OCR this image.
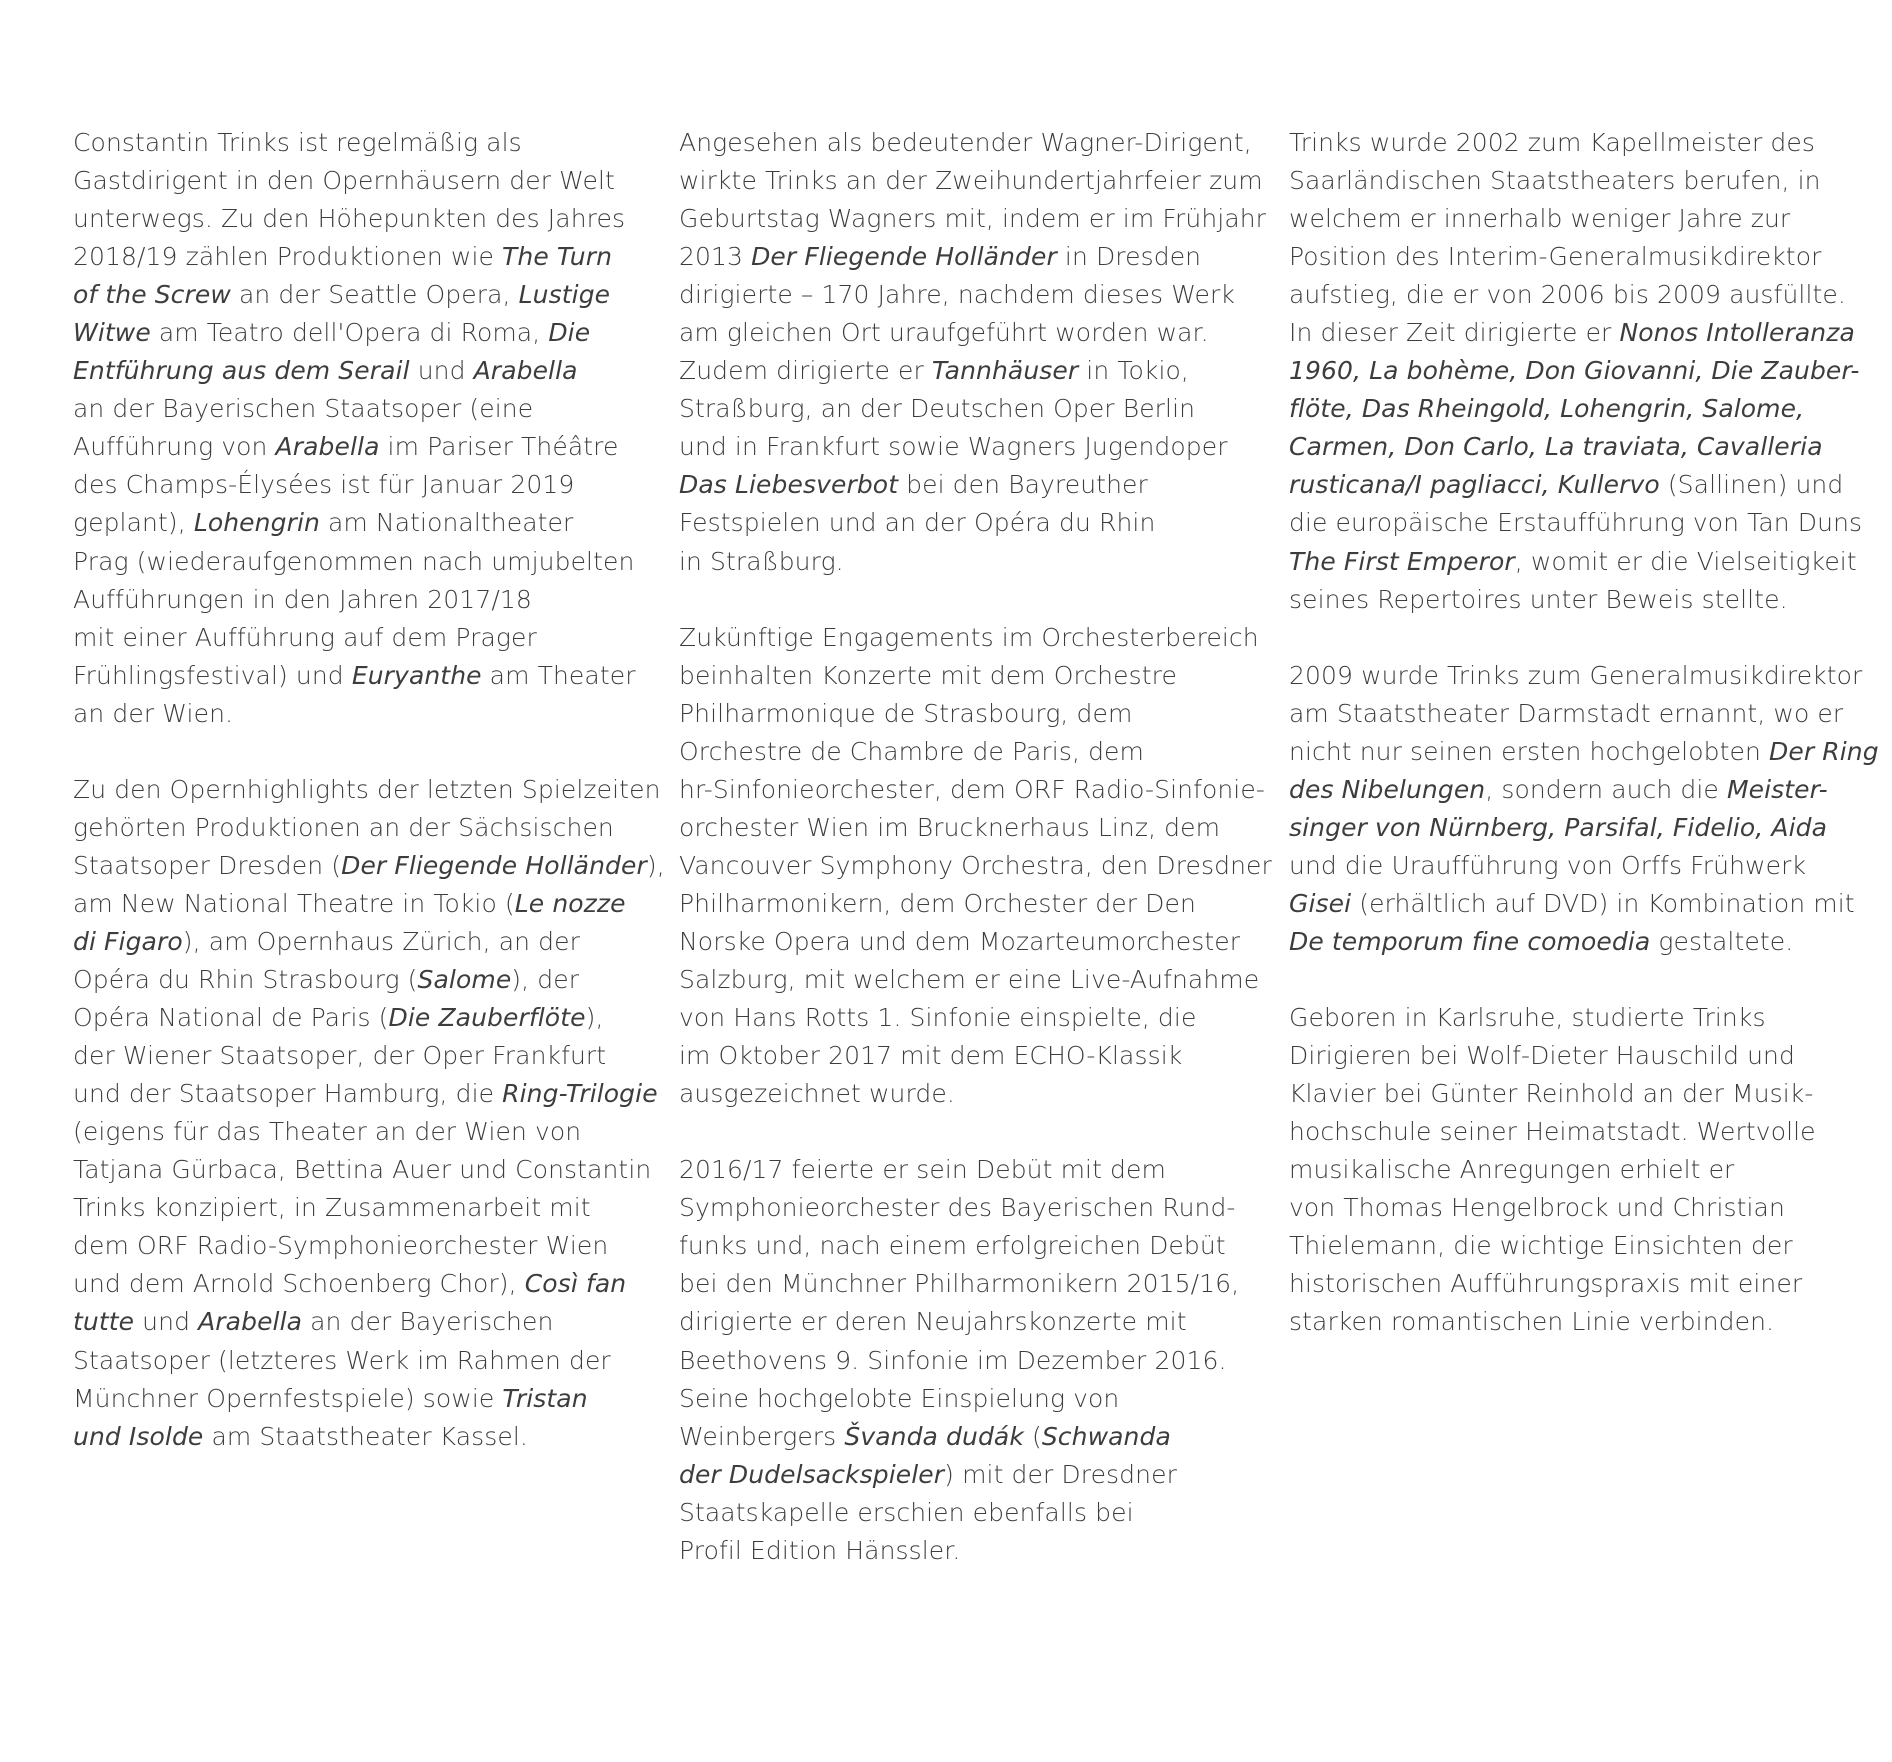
Constantin Trinks ist regelmäßig als
Gastdirigent in den Opernhäusern der Welt
unterwegs. Zu den Höhepunkten des Jahres
2018/19 zählen Produktionen wie The Turn
of the Screw an der Seattle Opera, Lustige
Witwe am Teatro dell'Opera di Roma, Die
Entführung aus dem Serail und Arabella
an der Bayerischen Staatsoper (eine
Aufführung von Arabella im Pariser Théâtre
des Champs-Élysées ist für Januar 2019
geplant), Lohengrin am Nationaltheater
Prag (wiederaufgenommen nach umjubelten
Aufführungen in den Jahren 2017/18
mit einer Aufführung auf dem Prager
Frühlingsfestival) und Euryanthe am Theater
an der Wien.

Zu den Opernhighlights der letzten Spielzeiten
gehörten Produktionen an der Sächsischen
Staatsoper Dresden (Der Fliegende Holländer),
am New National Theatre in Tokio (Le nozze
di Figaro), am Opernhaus Zürich, an der
Opéra du Rhin Strasbourg (Salome), der
Opéra National de Paris (Die Zauberflöte),
der Wiener Staatsoper, der Oper Frankfurt
und der Staatsoper Hamburg, die Ring-Trilogie
(eigens für das Theater an der Wien von
Tatjana Gürbaca, Bettina Auer und Constantin
Trinks konzipiert, in Zusammenarbeit mit
dem ORF Radio-Symphonieorchester Wien
und dem Arnold Schoenberg Chor), Così fan
tutte und Arabella an der Bayerischen
Staatsoper (letzteres Werk im Rahmen der
Münchner Opernfestspiele) sowie Tristan
und Isolde am Staatstheater Kassel.

Angesehen als bedeutender Wagner-Dirigent,
wirkte Trinks an der Zweihundertjahrfeier zum
Geburtstag Wagners mit, indem er im Frühjahr
2013 Der Fliegende Holländer in Dresden
dirigierte – 170 Jahre, nachdem dieses Werk
am gleichen Ort uraufgeführt worden war.
Zudem dirigierte er Tannhäuser in Tokio,
Straßburg, an der Deutschen Oper Berlin
und in Frankfurt sowie Wagners Jugendoper
Das Liebesverbot bei den Bayreuther
Festspielen und an der Opéra du Rhin
in Straßburg.

Zukünftige Engagements im Orchesterbereich
beinhalten Konzerte mit dem Orchestre
Philharmonique de Strasbourg, dem
Orchestre de Chambre de Paris, dem
hr-Sinfonieorchester, dem ORF Radio-Sinfonie-
orchester Wien im Brucknerhaus Linz, dem
Vancouver Symphony Orchestra, den Dresdner
Philharmonikern, dem Orchester der Den
Norske Opera und dem Mozarteumorchester
Salzburg, mit welchem er eine Live-Aufnahme
von Hans Rotts 1. Sinfonie einspielte, die
im Oktober 2017 mit dem ECHO-Klassik
ausgezeichnet wurde.

2016/17 feierte er sein Debüt mit dem
Symphonieorchester des Bayerischen Rund-
funks und, nach einem erfolgreichen Debüt
bei den Münchner Philharmonikern 2015/16,
dirigierte er deren Neujahrskonzerte mit
Beethovens 9. Sinfonie im Dezember 2016.
Seine hochgelobte Einspielung von
Weinbergers Švanda dudák (Schwanda
der Dudelsackspieler) mit der Dresdner
Staatskapelle erschien ebenfalls bei
Profil Edition Hänssler.

Trinks wurde 2002 zum Kapellmeister des
Saarländischen Staatstheaters berufen, in
welchem er innerhalb weniger Jahre zur
Position des Interim-Generalmusikdirektor
aufstieg, die er von 2006 bis 2009 ausfüllte.
In dieser Zeit dirigierte er Nonos Intolleranza
1960, La bohème, Don Giovanni, Die Zauber-
flöte, Das Rheingold, Lohengrin, Salome,
Carmen, Don Carlo, La traviata, Cavalleria
rusticana/I pagliacci, Kullervo (Sallinen) und
die europäische Erstaufführung von Tan Duns
The First Emperor, womit er die Vielseitigkeit
seines Repertoires unter Beweis stellte.

2009 wurde Trinks zum Generalmusikdirektor
am Staatstheater Darmstadt ernannt, wo er
nicht nur seinen ersten hochgelobten Der Ring
des Nibelungen, sondern auch die Meister-
singer von Nürnberg, Parsifal, Fidelio, Aida
und die Uraufführung von Orffs Frühwerk
Gisei (erhältlich auf DVD) in Kombination mit
De temporum fine comoedia gestaltete.

Geboren in Karlsruhe, studierte Trinks
Dirigieren bei Wolf-Dieter Hauschild und
Klavier bei Günter Reinhold an der Musik-
hochschule seiner Heimatstadt. Wertvolle
musikalische Anregungen erhielt er
von Thomas Hengelbrock und Christian
Thielemann, die wichtige Einsichten der
historischen Aufführungspraxis mit einer
starken romantischen Linie verbinden.
